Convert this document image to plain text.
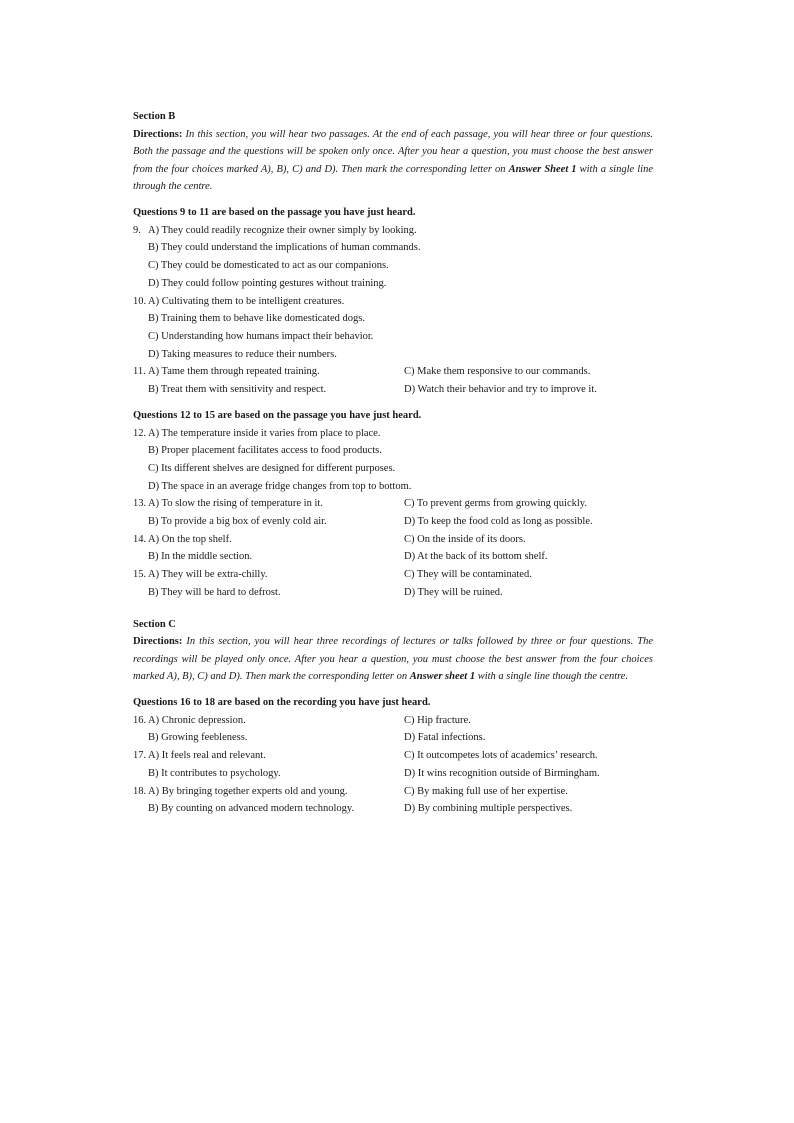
Section B

Directions: In this section, you will hear two passages. At the end of each passage, you will hear three or four questions. Both the passage and the questions will be spoken only once. After you hear a question, you must choose the best answer from the four choices marked A), B), C) and D). Then mark the corresponding letter on Answer Sheet 1 with a single line through the centre.

Questions 9 to 11 are based on the passage you have just heard.

9. A) They could readily recognize their owner simply by looking.
B) They could understand the implications of human commands.
C) They could be domesticated to act as our companions.
D) They could follow pointing gestures without training.
10. A) Cultivating them to be intelligent creatures.
B) Training them to behave like domesticated dogs.
C) Understanding how humans impact their behavior.
D) Taking measures to reduce their numbers.
11. A) Tame them through repeated training.	C) Make them responsive to our commands.
B) Treat them with sensitivity and respect.	D) Watch their behavior and try to improve it.

Questions 12 to 15 are based on the passage you have just heard.

12. A) The temperature inside it varies from place to place.
B) Proper placement facilitates access to food products.
C) Its different shelves are designed for different purposes.
D) The space in an average fridge changes from top to bottom.
13. A) To slow the rising of temperature in it.	C) To prevent germs from growing quickly.
B) To provide a big box of evenly cold air.	D) To keep the food cold as long as possible.
14. A) On the top shelf.	C) On the inside of its doors.
B) In the middle section.	D) At the back of its bottom shelf.
15. A) They will be extra-chilly.	C) They will be contaminated.
B) They will be hard to defrost.	D) They will be ruined.

Section C

Directions: In this section, you will hear three recordings of lectures or talks followed by three or four questions. The recordings will be played only once. After you hear a question, you must choose the best answer from the four choices marked A), B), C) and D). Then mark the corresponding letter on Answer sheet 1 with a single line though the centre.

Questions 16 to 18 are based on the recording you have just heard.

16. A) Chronic depression.	C) Hip fracture.
B) Growing feebleness.	D) Fatal infections.
17. A) It feels real and relevant.	C) It outcompetes lots of academics’ research.
B) It contributes to psychology.	D) It wins recognition outside of Birmingham.
18. A) By bringing together experts old and young.	C) By making full use of her expertise.
B) By counting on advanced modern technology.	D) By combining multiple perspectives.
